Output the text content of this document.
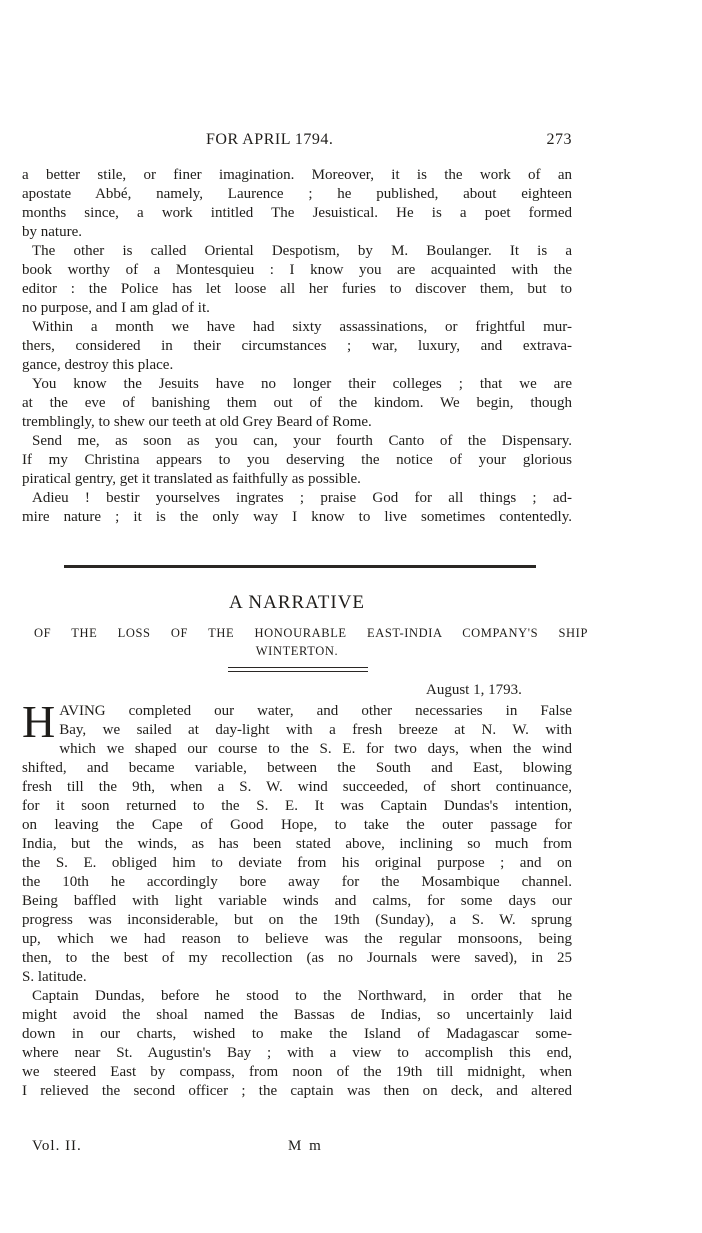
FOR APRIL 1794.	273
a better stile, or finer imagination. Moreover, it is the work of an
apostate Abbé, namely, Laurence ; he published, about eighteen
months since, a work intitled The Jesuistical. He is a poet formed
by nature.
The other is called Oriental Despotism, by M. Boulanger. It is a
book worthy of a Montesquieu : I know you are acquainted with the
editor : the Police has let loose all her furies to discover them, but to
no purpose, and I am glad of it.
Within a month we have had sixty assassinations, or frightful mur-
thers, considered in their circumstances ; war, luxury, and extrava-
gance, destroy this place.
You know the Jesuits have no longer their colleges ; that we are
at the eve of banishing them out of the kindom. We begin, though
tremblingly, to shew our teeth at old Grey Beard of Rome.
Send me, as soon as you can, your fourth Canto of the Dispensary.
If my Christina appears to you deserving the notice of your glorious
piratical gentry, get it translated as faithfully as possible.
Adieu ! bestir yourselves ingrates ; praise God for all things ; ad-
mire nature ; it is the only way I know to live sometimes contentedly.
A NARRATIVE
OF THE LOSS OF THE HONOURABLE EAST-INDIA COMPANY'S SHIP
WINTERTON.
August 1, 1793.
H AVING completed our water, and other necessaries in False
Bay, we sailed at day-light with a fresh breeze at N. W. with
which we shaped our course to the S. E. for two days, when the wind
shifted, and became variable, between the South and East, blowing
fresh till the 9th, when a S. W. wind succeeded, of short continuance,
for it soon returned to the S. E. It was Captain Dundas's intention,
on leaving the Cape of Good Hope, to take the outer passage for
India, but the winds, as has been stated above, inclining so much from
the S. E. obliged him to deviate from his original purpose ; and on
the 10th he accordingly bore away for the Mosambique channel.
Being baffled with light variable winds and calms, for some days our
progress was inconsiderable, but on the 19th (Sunday), a S. W. sprung
up, which we had reason to believe was the regular monsoons, being
then, to the best of my recollection (as no Journals were saved), in 25
S. latitude.
Captain Dundas, before he stood to the Northward, in order that he
might avoid the shoal named the Bassas de Indias, so uncertainly laid
down in our charts, wished to make the Island of Madagascar some-
where near St. Augustin's Bay ; with a view to accomplish this end,
we steered East by compass, from noon of the 19th till midnight, when
I relieved the second officer ; the captain was then on deck, and altered
Vol. II.	M m
